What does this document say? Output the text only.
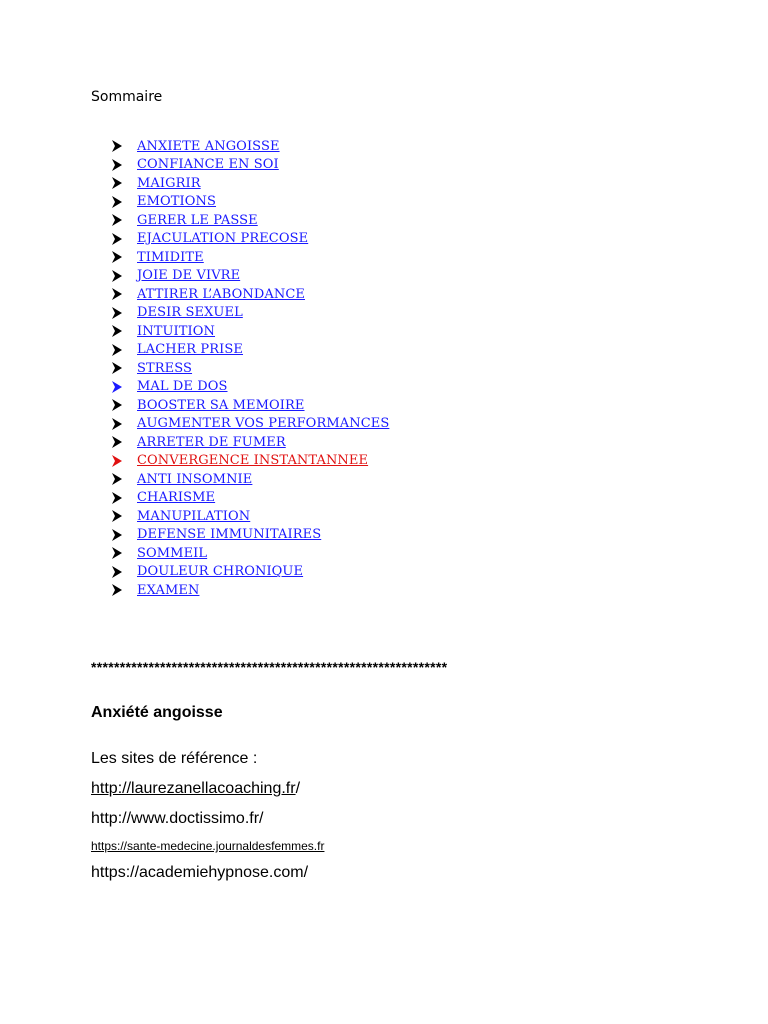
Sommaire
ANXIETE ANGOISSE
CONFIANCE EN SOI
MAIGRIR
EMOTIONS
GERER LE PASSE
EJACULATION PRECOSE
TIMIDITE
JOIE DE VIVRE
ATTIRER L’ABONDANCE
DESIR SEXUEL
INTUITION
LACHER PRISE
STRESS
MAL DE DOS
BOOSTER SA MEMOIRE
AUGMENTER VOS PERFORMANCES
ARRETER DE FUMER
CONVERGENCE INSTANTANNEE
ANTI INSOMNIE
CHARISME
MANUPILATION
DEFENSE IMMUNITAIRES
SOMMEIL
DOULEUR CHRONIQUE
EXAMEN
**************************************************************
Anxiété angoisse
Les sites de référence :
http://laurezanellacoaching.fr/
http://www.doctissimo.fr/
https://sante-medecine.journaldesfemmes.fr
https://academiehypnose.com/
